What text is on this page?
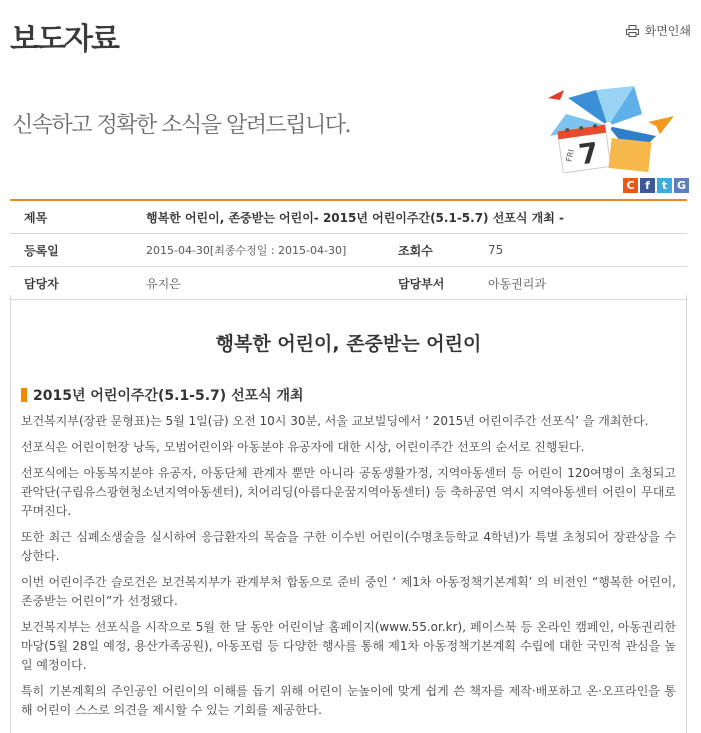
보도자료	화면인쇄

신속하고 정확한 소식을 알려드립니다.

FRI 7
C f	t G
제목	행복한 어린이, 존중받는 어린이- 2015년 어린이주간(5.1-5.7) 선포식 개최 -
등록일	2015-04-30[최종수정일 : 2015-04-30]	조회수	75
담당자	유지은	담당부서	아동권리과
행복한 어린이, 존중받는 어린이
2015년 어린이주간(5.1-5.7) 선포식 개최

보건복지부(장관 문형표)는 5월 1일(금) 오전 10시 30분, 서울 교보빌딩에서 ‘ 2015년 어린이주간 선포식’ 을 개최한다.

선포식은 어린이헌장 낭독, 모범어린이와 아동분야 유공자에 대한 시상, 어린이주간 선포의 순서로 진행된다.

선포식에는 아동복지분야 유공자, 아동단체 관계자 뿐만 아니라 공동생활가정, 지역아동센터 등 어린이 120여명이 초청되고 관악단(구립유스광현청소년지역아동센터), 치어리딩(아름다운꿈지역아동센터) 등 축하공연 역시 지역아동센터 어린이 무대로 꾸며진다.

또한 최근 심폐소생술을 실시하여 응급환자의 목숨을 구한 이수빈 어린이(수명초등학교 4학년)가 특별 초청되어 장관상을 수상한다.

이번 어린이주간 슬로건은 보건복지부가 관계부처 합동으로 준비 중인 ‘ 제1차 아동정책기본계획’ 의 비전인 “행복한 어린이, 존중받는 어린이”가 선정됐다.

보건복지부는 선포식을 시작으로 5월 한 달 동안 어린이날 홈페이지(www.55.or.kr), 페이스북 등 온라인 캠페인, 아동권리한마당(5월 28일 예정, 용산가족공원), 아동포럼 등 다양한 행사를 통해 제1차 아동정책기본계획 수립에 대한 국민적 관심을 높일 예정이다.

특히 기본계획의 주인공인 어린이의 이해를 돕기 위해 어린이 눈높이에 맞게 쉽게 쓴 책자를 제작·배포하고 온·오프라인을 통해 어린이 스스로 의견을 제시할 수 있는 기회를 제공한다.
